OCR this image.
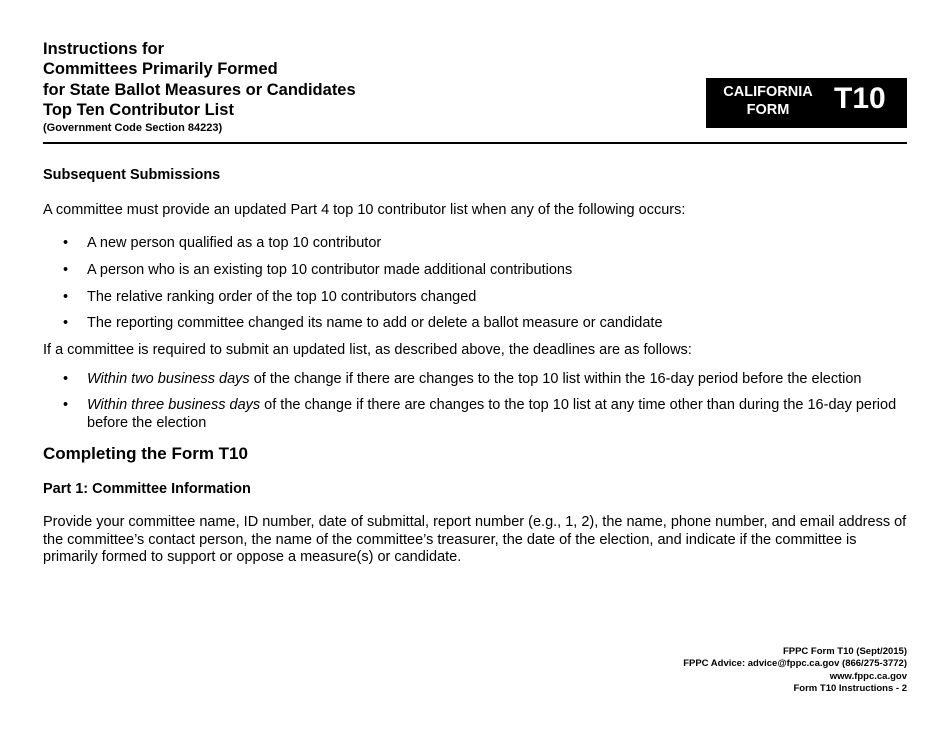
Instructions for
Committees Primarily Formed
for State Ballot Measures or Candidates
Top Ten Contributor List
(Government Code Section 84223)
CALIFORNIA
FORM	T10
Subsequent Submissions
A committee must provide an updated Part 4 top 10 contributor list when any of the following occurs:
• A new person qualified as a top 10 contributor
• A person who is an existing top 10 contributor made additional contributions
• The relative ranking order of the top 10 contributors changed
• The reporting committee changed its name to add or delete a ballot measure or candidate
If a committee is required to submit an updated list, as described above, the deadlines are as follows:
• Within two business days of the change if there are changes to the top 10 list within the 16-day period before the election
• Within three business days of the change if there are changes to the top 10 list at any time other than during the 16-day period before the election
Completing the Form T10
Part 1: Committee Information
Provide your committee name, ID number, date of submittal, report number (e.g., 1, 2), the name, phone number, and email address of the committee’s contact person, the name of the committee’s treasurer, the date of the election, and indicate if the committee is primarily formed to support or oppose a measure(s) or candidate.
FPPC Form T10 (Sept/2015)
FPPC Advice: advice@fppc.ca.gov (866/275-3772)
www.fppc.ca.gov
Form T10 Instructions - 2
